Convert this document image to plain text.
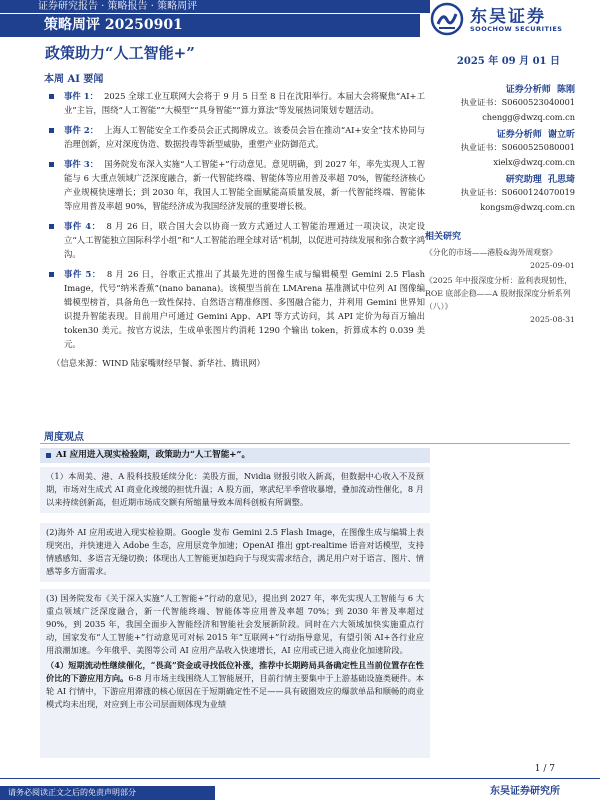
证券研究报告 · 策略报告 · 策略周评
策略周评 20250901	东吴证券
SOOCHOW SECURITIES
政策助力“人工智能+”	2025 年 09 月 01 日
本周 AI 要闻
事件 1： 2025 全球工业互联网大会将于 9 月 5 日至 8 日在沈阳举行。本届大会将聚焦“AI+工业”主旨，围绕“人工智能”“大模型”“具身智能”“算力算法”等发展热词策划专题活动。
事件 2： 上海人工智能安全工作委员会正式揭牌成立。该委员会旨在推动“AI+安全”技术协同与治理创新，应对深度伪造、数据投毒等新型威胁，重塑产业防御范式。
事件 3： 国务院发布深入实施“人工智能+”行动意见。意见明确，到 2027 年，率先实现人工智能与 6 大重点领域广泛深度融合，新一代智能终端、智能体等应用普及率超 70%，智能经济核心产业规模快速增长；到 2030 年，我国人工智能全面赋能高质量发展，新一代智能终端、智能体等应用普及率超 90%，智能经济成为我国经济发展的重要增长极。
事件 4： 8 月 26 日，联合国大会以协商一致方式通过人工智能治理通过一项决议，决定设立“人工智能独立国际科学小组”和“人工智能治理全球对话”机制，以促进可持续发展和弥合数字鸿沟。
事件 5： 8 月 26 日，谷歌正式推出了其最先进的图像生成与编辑模型 Gemini 2.5 Flash Image，代号“纳米香蕉”(nano banana)。该模型当前在 LMArena 基准测试中位列 AI 图像编辑模型榜首，具备角色一致性保持、自然语言精准修图、多图融合能力，并利用 Gemini 世界知识提升智能表现。目前用户可通过 Gemini App、API 等方式访问，其 API 定价为每百万输出 token30 美元。按官方说法，生成单张图片约消耗 1290 个输出 token，折算成本约 0.039 美元。
（信息来源：WIND 陆家嘴财经早餐、新华社、腾讯网）
周度观点
AI 应用进入现实检验期，政策助力“人工智能+”。
（1）本周美、港、A 股科技股延续分化：美股方面，Nvidia 财报引收入新高，但数据中心收入不及预期，市场对生成式 AI 商业化竣缓的担忧升温；A 股方面，寒武纪半季营收暴增，叠加流动性催化，8 月以来持续创新高，但近期市场成交额有所缩量导致本周科创板有所调整。
(2)海外 AI 应用或进入现实检验期。Google 发布 Gemini 2.5 Flash Image，在图像生成与编辑上表现突出，并快速进入 Adobe 生态，应用层竞争加速；OpenAI 推出 gpt-realtime 语音对话模型，支持情感感知、多语言无缝切换；体现出人工智能更加趋向于与现实需求结合，满足用户对于语言、图片、情感等多方面需求。
(3) 国务院发布《关于深入实施“人工智能+”行动的意见》，提出到 2027 年，率先实现人工智能与 6 大重点领域广泛深度融合，新一代智能终端、智能体等应用普及率超 70%；到 2030 年普及率超过 90%，到 2035 年，我国全面步入智能经济和智能社会发展新阶段。同时在六大领域加快实施重点行动，国家发布“人工智能+”行动意见可对标 2015 年“互联网+”行动指导意见，有望引领 AI+各行业应用浪潮加速。今年俄乎、美图等公司 AI 应用产品收入快速增长，AI 应用或已进入商业化加速阶段。
（4）短期流动性继续催化，“畏高”资金或寻找低位补涨，推荐中长期跨局具备确定性且当前位置存在性价比的下游应用方向。6-8 月市场主线围绕人工智能展开，目前行情主要集中于上游基础设施类硬件。本轮 AI 行情中，下游应用滞涨的核心原因在于短期确定性不足——具有破圈效应的爆款单品和顺畅的商业模式均未出现，对应到上市公司层面则体现为业绩
证券分析师 陈刚
执业证书：S0600523040001
chengg@dwzq.com.cn
证券分析师 谢立昕
执业证书：S0600525080001
xielx@dwzq.com.cn
研究助理 孔思琦
执业证书：S0600124070019
kongsm@dwzq.com.cn
相关研究
《分化的市场——港股&海外周观察》
2025-09-01
《2025 年中报深度分析：盈利表现韧性，ROE 底部企稳——A 股财报深度分析系列（八）》
2025-08-31
1 / 7
请务必阅读正文之后的免责声明部分	东吴证券研究所
